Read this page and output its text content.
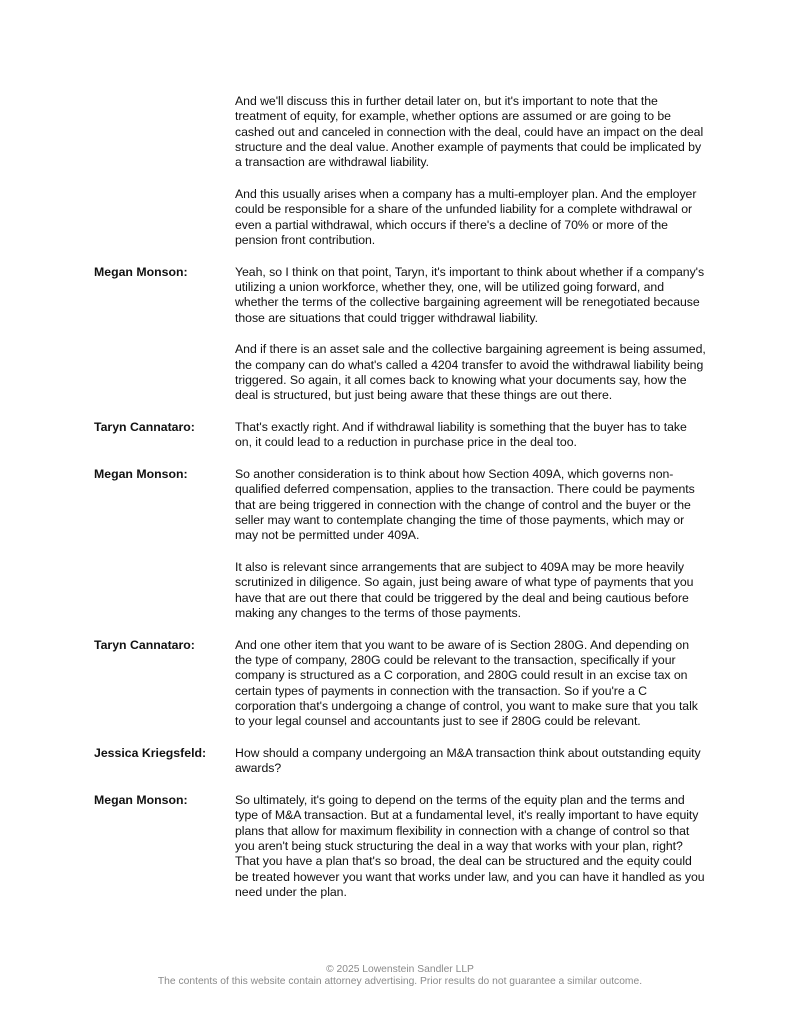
And we'll discuss this in further detail later on, but it's important to note that the treatment of equity, for example, whether options are assumed or are going to be cashed out and canceled in connection with the deal, could have an impact on the deal structure and the deal value. Another example of payments that could be implicated by a transaction are withdrawal liability.

And this usually arises when a company has a multi-employer plan. And the employer could be responsible for a share of the unfunded liability for a complete withdrawal or even a partial withdrawal, which occurs if there's a decline of 70% or more of the pension front contribution.

Megan Monson:	Yeah, so I think on that point, Taryn, it's important to think about whether if a company's utilizing a union workforce, whether they, one, will be utilized going forward, and whether the terms of the collective bargaining agreement will be renegotiated because those are situations that could trigger withdrawal liability.

And if there is an asset sale and the collective bargaining agreement is being assumed, the company can do what's called a 4204 transfer to avoid the withdrawal liability being triggered. So again, it all comes back to knowing what your documents say, how the deal is structured, but just being aware that these things are out there.

Taryn Cannataro:	That's exactly right. And if withdrawal liability is something that the buyer has to take on, it could lead to a reduction in purchase price in the deal too.

Megan Monson:	So another consideration is to think about how Section 409A, which governs non-qualified deferred compensation, applies to the transaction. There could be payments that are being triggered in connection with the change of control and the buyer or the seller may want to contemplate changing the time of those payments, which may or may not be permitted under 409A.

It also is relevant since arrangements that are subject to 409A may be more heavily scrutinized in diligence. So again, just being aware of what type of payments that you have that are out there that could be triggered by the deal and being cautious before making any changes to the terms of those payments.

Taryn Cannataro:	And one other item that you want to be aware of is Section 280G. And depending on the type of company, 280G could be relevant to the transaction, specifically if your company is structured as a C corporation, and 280G could result in an excise tax on certain types of payments in connection with the transaction. So if you're a C corporation that's undergoing a change of control, you want to make sure that you talk to your legal counsel and accountants just to see if 280G could be relevant.

Jessica Kriegsfeld: How should a company undergoing an M&A transaction think about outstanding equity awards?

Megan Monson:	So ultimately, it's going to depend on the terms of the equity plan and the terms and type of M&A transaction. But at a fundamental level, it's really important to have equity plans that allow for maximum flexibility in connection with a change of control so that you aren't being stuck structuring the deal in a way that works with your plan, right? That you have a plan that's so broad, the deal can be structured and the equity could be treated however you want that works under law, and you can have it handled as you need under the plan.

© 2025 Lowenstein Sandler LLP
The contents of this website contain attorney advertising. Prior results do not guarantee a similar outcome.
